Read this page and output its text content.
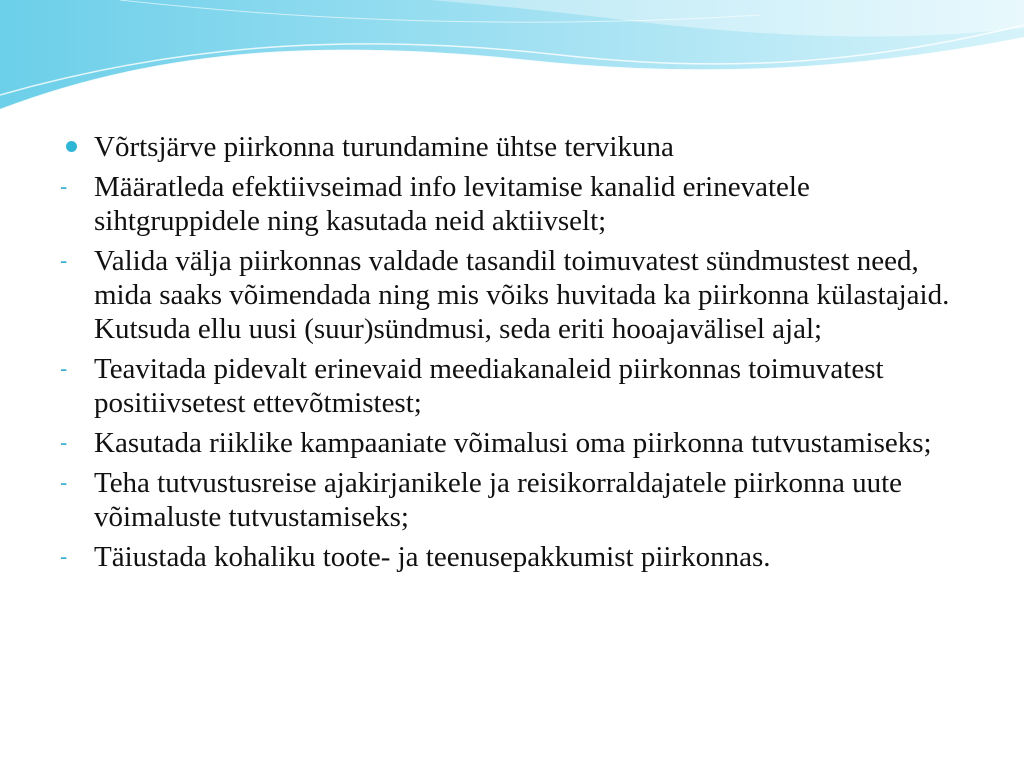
Võrtsjärve piirkonna turundamine ühtse tervikuna
- Määratleda efektiivseimad info levitamise kanalid erinevatele sihtgruppidele ning kasutada neid aktiivselt;
- Valida välja piirkonnas valdade tasandil toimuvatest sündmustest need, mida saaks võimendada ning mis võiks huvitada ka piirkonna külastajaid. Kutsuda ellu uusi (suur)sündmusi, seda eriti hooajavälisel ajal;
- Teavitada pidevalt erinevaid meediakanaleid piirkonnas toimuvatest positiivsetest ettevõtmistest;
- Kasutada riiklike kampaaniate võimalusi oma piirkonna tutvustamiseks;
- Teha tutvustusreise ajakirjanikele ja reisikorraldajatele piirkonna uute võimaluste tutvustamiseks;
- Täiustada kohaliku toote- ja teenusepakkumist piirkonnas.
